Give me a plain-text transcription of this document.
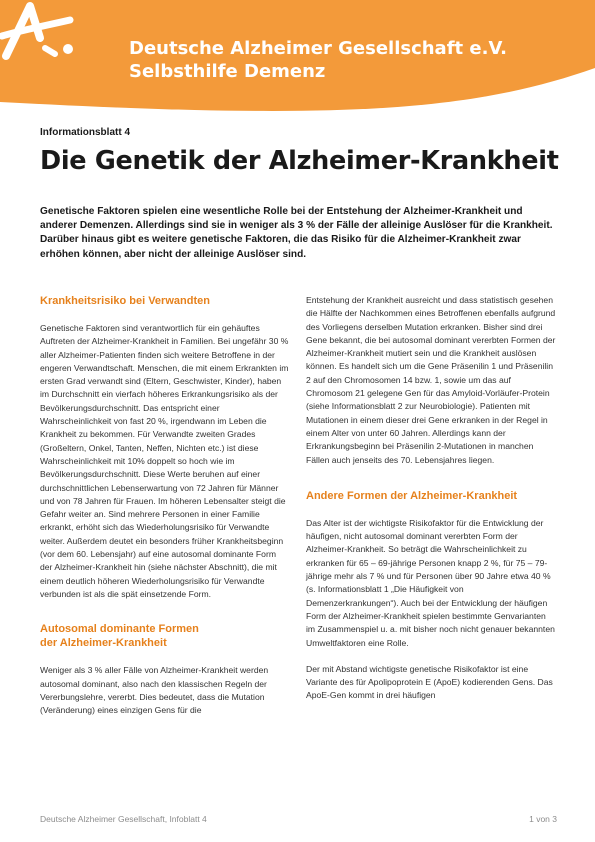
Deutsche Alzheimer Gesellschaft e.V.
Selbsthilfe Demenz
Informationsblatt 4
Die Genetik der Alzheimer-Krankheit
Genetische Faktoren spielen eine wesentliche Rolle bei der Entstehung der Alzheimer-Krankheit und anderer Demenzen. Allerdings sind sie in weniger als 3 % der Fälle der alleinige Auslöser für die Krankheit. Darüber hinaus gibt es weitere genetische Faktoren, die das Risiko für die Alzheimer-Krankheit zwar erhöhen können, aber nicht der alleinige Auslöser sind.

Krankheitsrisiko bei Verwandten

Genetische Faktoren sind verantwortlich für ein gehäuftes Auftreten der Alzheimer-Krankheit in Familien. Bei ungefähr 30 % aller Alzheimer-Patienten finden sich weitere Betroffene in der engeren Verwandtschaft. Menschen, die mit einem Erkrankten im ersten Grad verwandt sind (Eltern, Geschwister, Kinder), haben im Durchschnitt ein vierfach höheres Erkrankungsrisiko als der Bevölkerungsdurchschnitt. Das entspricht einer Wahrscheinlichkeit von fast 20 %, irgendwann im Leben die Krankheit zu bekommen. Für Verwandte zweiten Grades (Großeltern, Onkel, Tanten, Neffen, Nichten etc.) ist diese Wahrscheinlichkeit mit 10% doppelt so hoch wie im Bevölkerungsdurchschnitt. Diese Werte beruhen auf einer durchschnittlichen Lebenserwartung von 72 Jahren für Männer und von 78 Jahren für Frauen. Im höheren Lebensalter steigt die Gefahr weiter an. Sind mehrere Personen in einer Familie erkrankt, erhöht sich das Wiederholungsrisiko für Verwandte weiter. Außerdem deutet ein besonders früher Krankheitsbeginn (vor dem 60. Lebensjahr) auf eine autosomal dominante Form der Alzheimer-Krankheit hin (siehe nächster Abschnitt), die mit einem deutlich höheren Wiederholungsrisiko für Verwandte verbunden ist als die spät einsetzende Form.

Autosomal dominante Formen
der Alzheimer-Krankheit

Weniger als 3 % aller Fälle von Alzheimer-Krankheit werden autosomal dominant, also nach den klassischen Regeln der Vererbungslehre, vererbt. Dies bedeutet, dass die Mutation (Veränderung) eines einzigen Gens für die

Entstehung der Krankheit ausreicht und dass statistisch gesehen die Hälfte der Nachkommen eines Betroffenen ebenfalls aufgrund des Vorliegens derselben Mutation erkranken. Bisher sind drei Gene bekannt, die bei autosomal dominant vererbten Formen der Alzheimer-Krankheit mutiert sein und die Krankheit auslösen können. Es handelt sich um die Gene Präsenilin 1 und Präsenilin 2 auf den Chromosomen 14 bzw. 1, sowie um das auf Chromosom 21 gelegene Gen für das Amyloid-Vorläufer-Protein (siehe Informationsblatt 2 zur Neurobiologie). Patienten mit Mutationen in einem dieser drei Gene erkranken in der Regel in einem Alter von unter 60 Jahren. Allerdings kann der Erkrankungsbeginn bei Präsenilin 2-Mutationen in manchen Fällen auch jenseits des 70. Lebensjahres liegen.

Andere Formen der Alzheimer-Krankheit

Das Alter ist der wichtigste Risikofaktor für die Entwicklung der häufigen, nicht autosomal dominant vererbten Form der Alzheimer-Krankheit. So beträgt die Wahrscheinlichkeit zu erkranken für 65 – 69-jährige Personen knapp 2 %, für 75 – 79-jährige mehr als 7 % und für Personen über 90 Jahre etwa 40 % (s. Informationsblatt 1 „Die Häufigkeit von Demenzerkrankungen“). Auch bei der Entwicklung der häufigen Form der Alzheimer-Krankheit spielen bestimmte Genvarianten im Zusammenspiel u. a. mit bisher noch nicht genauer bekannten Umweltfaktoren eine Rolle.

Der mit Abstand wichtigste genetische Risikofaktor ist eine Variante des für Apolipoprotein E (ApoE) kodierenden Gens. Das ApoE-Gen kommt in drei häufigen

Deutsche Alzheimer Gesellschaft, Infoblatt 4	1 von 3
